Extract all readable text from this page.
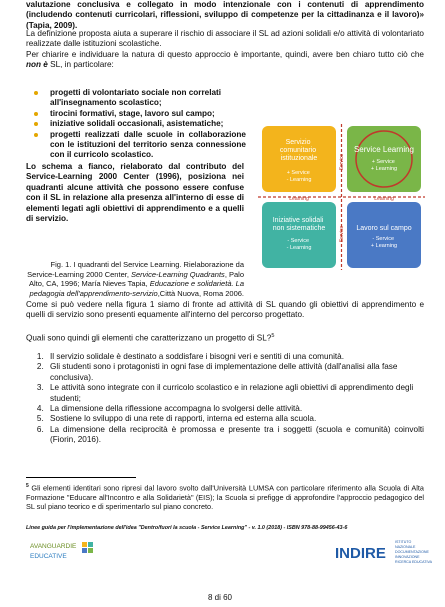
valutazione conclusiva e collegato in modo intenzionale con i contenuti di apprendimento (includendo contenuti curricolari, riflessioni, sviluppo di competenze per la cittadinanza e il lavoro)» (Tapia, 2009).
La definizione proposta aiuta a superare il rischio di associare il SL ad azioni solidali e/o attività di volontariato realizzate dalle istituzioni scolastiche.
Per chiarire e individuare la natura di questo approccio è importante, quindi, avere ben chiaro tutto ciò che non è SL, in particolare:
progetti di volontariato sociale non correlati all'insegnamento scolastico;
tirocini formativi, stage, lavoro sul campo;
iniziative solidali occasionali, asistematiche;
progetti realizzati dalle scuole in collaborazione con le istituzioni del territorio senza connessione con il curricolo scolastico.
Lo schema a fianco, rielaborato dal contributo del Service-Learning 2000 Center (1996), posiziona nei quadranti alcune attività che possono essere confuse con il SL in relazione alla presenza all'interno di esse di elementi legati agli obiettivi di apprendimento e a quelli di servizio.
Fig. 1. I quadranti del Service Learning. Rielaborazione da Service-Learning 2000 Center, Service-Learning Quadrants, Palo Alto, CA, 1996; María Nieves Tapia, Educazione e solidarietà. La pedagogia dell'apprendimento-servizio,Città Nuova, Roma 2006.
Servizio comunitario istituzionale
+ Service - Learning
Service Learning
+ Service + Learning
Iniziative solidali non sistematiche
- Service - Learning
Lavoro sul campo
- Service + Learning
Learning	Learning
Service
Service
Come si può vedere nella figura 1 siamo di fronte ad attività di SL quando gli obiettivi di apprendimento e quelli di servizio sono presenti equamente all'interno del percorso progettato.
Quali sono quindi gli elementi che caratterizzano un progetto di SL?$^5$
1. Il servizio solidale è destinato a soddisfare i bisogni veri e sentiti di una comunità.
2. Gli studenti sono i protagonisti in ogni fase di implementazione delle attività (dall'analisi alla fase conclusiva).
3. Le attività sono integrate con il curricolo scolastico e in relazione agli obiettivi di apprendimento degli studenti;
4. La dimensione della riflessione accompagna lo svolgersi delle attività.
5. Sostiene lo sviluppo di una rete di rapporti, interna ed esterna alla scuola.
6. La dimensione della reciprocità è promossa e presente tra i soggetti (scuola e comunità) coinvolti (Fiorin, 2016).
$^5$ Gli elementi identitari sono ripresi dal lavoro svolto dall'Università LUMSA con particolare riferimento alla Scuola di Alta Formazione "Educare all'Incontro e alla Solidarietà" (EIS); la Scuola si prefigge di approfondire l'approccio pedagogico del SL sul piano teorico e di sperimentarlo sul piano concreto.
Linee guida per l'implementazione dell'idea "Dentro/fuori la scuola - Service Learning" - v. 1.0 (2018) - ISBN 978-88-99456-43-6
AVANGUARDIE
EDUCATIVE
8 di 60
INDIRE
ISTITUTO
NAZIONALE
DOCUMENTAZIONE
INNOVAZIONE
RICERCA EDUCATIVA
